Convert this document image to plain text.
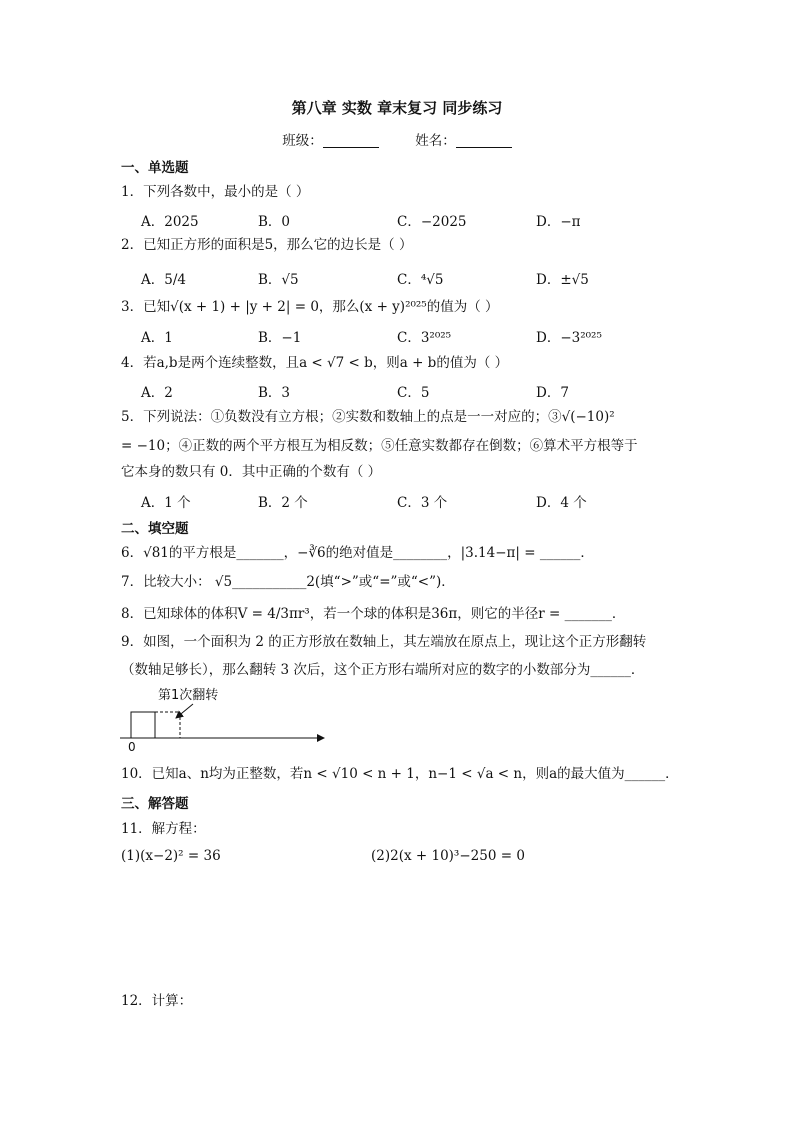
第八章 实数 章末复习 同步练习
班级：	姓名：
一、单选题
1．下列各数中，最小的是（ ）
A．2025	B．0	C．−2025	D．−π
2．已知正方形的面积是5，那么它的边长是（ ）
A．5/4	B．√5	C．⁴√5	D．±√5
3．已知√(x + 1) + |y + 2| = 0，那么(x + y)²⁰²⁵的值为（ ）
A．1	B．−1	C．3²⁰²⁵	D．−3²⁰²⁵
4．若a,b是两个连续整数，且a < √7 < b，则a + b的值为（ ）
A．2	B．3	C．5	D．7
5．下列说法：①负数没有立方根；②实数和数轴上的点是一一对应的；③√(−10)²
= −10；④正数的两个平方根互为相反数；⑤任意实数都存在倒数；⑥算术平方根等于
它本身的数只有 0．其中正确的个数有（ ）
A．1 个	B．2 个	C．3 个	D．4 个
二、填空题
6．√81的平方根是_______，−∛6的绝对值是________，|3.14−π| = ______．
7．比较大小： √5___________2(填“>”或“=”或“<”)．
8．已知球体的体积V = 4/3πr³，若一个球的体积是36π，则它的半径r = _______．
9．如图，一个面积为 2 的正方形放在数轴上，其左端放在原点上，现让这个正方形翻转
（数轴足够长），那么翻转 3 次后，这个正方形右端所对应的数字的小数部分为______．
第1次翻转
0
10．已知a、n均为正整数，若n < √10 < n + 1，n−1 < √a < n，则a的最大值为______．
三、解答题
11．解方程：
(1)(x−2)² = 36	(2)2(x + 10)³−250 = 0
12．计算：
